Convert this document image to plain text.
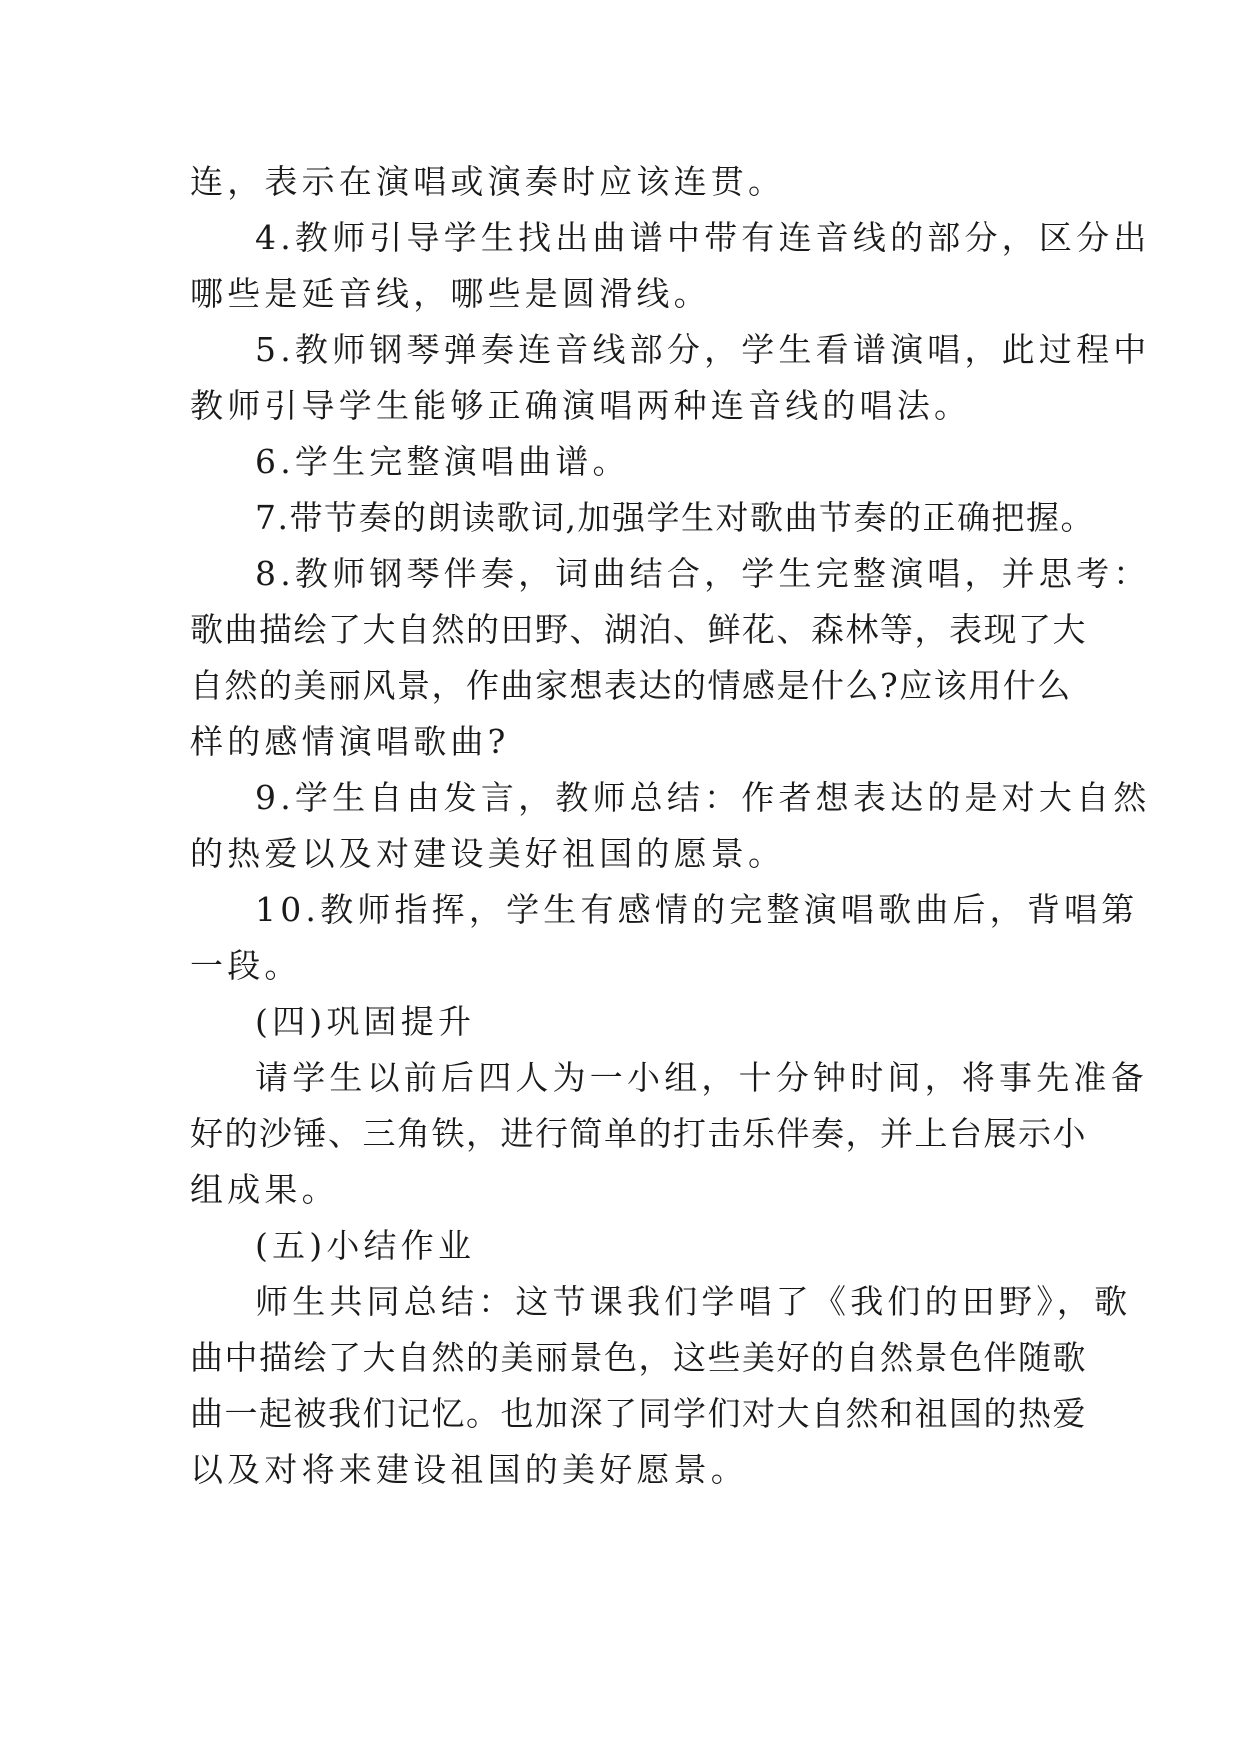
连，表示在演唱或演奏时应该连贯。
4.教师引导学生找出曲谱中带有连音线的部分，区分出
哪些是延音线，哪些是圆滑线。
5.教师钢琴弹奏连音线部分，学生看谱演唱，此过程中
教师引导学生能够正确演唱两种连音线的唱法。
6.学生完整演唱曲谱。
7.带节奏的朗读歌词,加强学生对歌曲节奏的正确把握。
8.教师钢琴伴奏，词曲结合，学生完整演唱，并思考：
歌曲描绘了大自然的田野、湖泊、鲜花、森林等，表现了大
自然的美丽风景，作曲家想表达的情感是什么?应该用什么
样的感情演唱歌曲?
9.学生自由发言，教师总结：作者想表达的是对大自然
的热爱以及对建设美好祖国的愿景。
10.教师指挥，学生有感情的完整演唱歌曲后，背唱第
一段。
(四)巩固提升
请学生以前后四人为一小组，十分钟时间，将事先准备
好的沙锤、三角铁，进行简单的打击乐伴奏，并上台展示小
组成果。
(五)小结作业
师生共同总结：这节课我们学唱了《我们的田野》，歌
曲中描绘了大自然的美丽景色，这些美好的自然景色伴随歌
曲一起被我们记忆。也加深了同学们对大自然和祖国的热爱
以及对将来建设祖国的美好愿景。
